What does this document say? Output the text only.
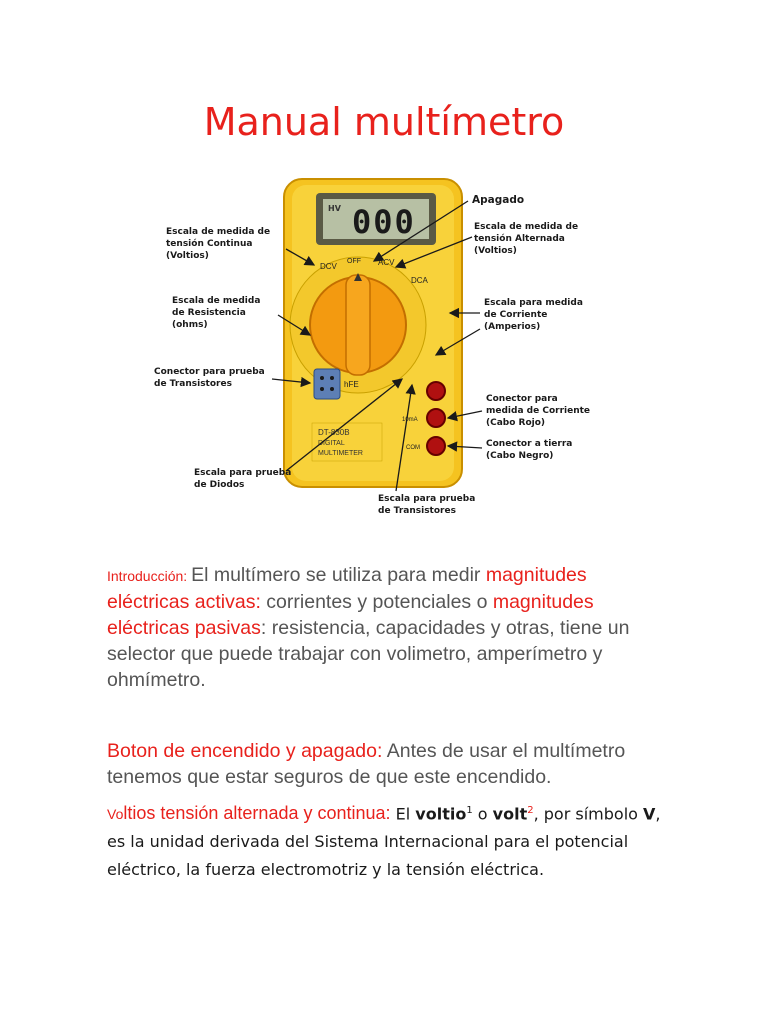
Manual multímetro
HV 000
DCV
OFF ACV
DCA
hFE
DT-830B
DIGITAL
MULTIMETER
10mA
COM
Apagado
Escala de medida de
tensión Continua
(Voltios)
Escala de medida de
tensión Alternada
(Voltios)
Escala de medida
de Resistencia
(ohms)
Escala para medida
de Corriente
(Amperios)
Conector para prueba
de Transistores
Conector para
medida de Corriente
(Cabo Rojo)
Conector a tierra
(Cabo Negro)
Escala para prueba
de Diodos
Escala para prueba
de Transistores

Introducción: El multímero se utiliza para medir magnitudes eléctricas activas: corrientes y potenciales o magnitudes eléctricas pasivas: resistencia, capacidades y otras, tiene un selector que puede trabajar con volimetro, amperímetro y ohmímetro.

Boton de encendido y apagado: Antes de usar el multímetro tenemos que estar seguros de que este encendido.

Voltios tensión alternada y continua: El voltio$^1$ o volt$^2$, por símbolo V, es la unidad derivada del Sistema Internacional para el potencial eléctrico, la fuerza electromotriz y la tensión eléctrica.
